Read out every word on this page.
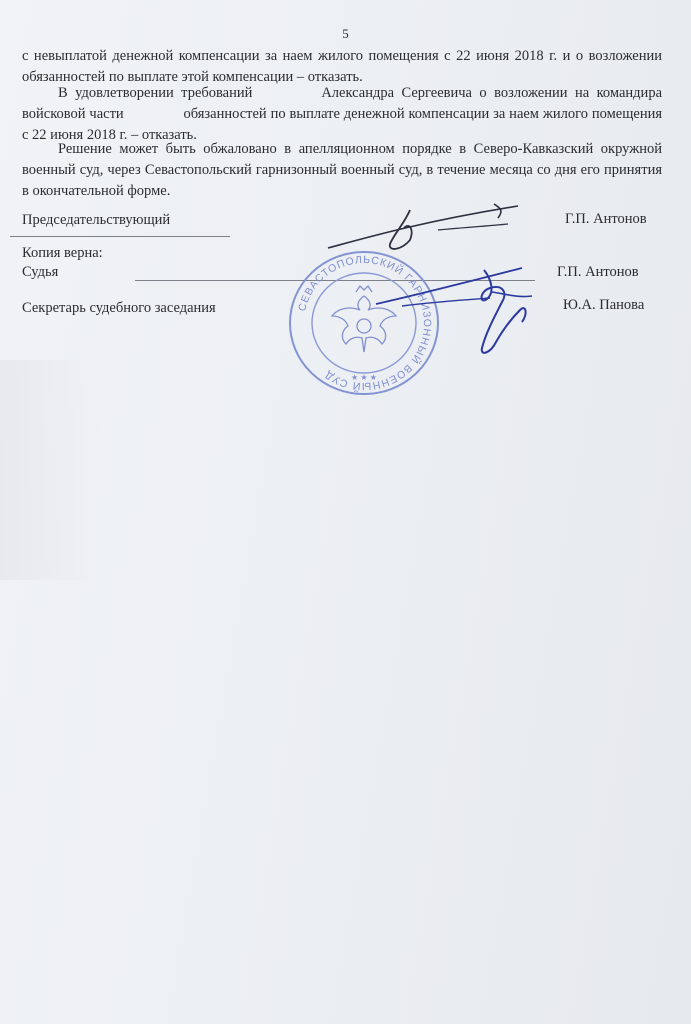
5
с невыплатой денежной компенсации за наем жилого помещения с 22 июня 2018 г. и о возложении обязанностей по выплате этой компенсации – отказать.
В удовлетворении требований	Александра Сергеевича о возложении на командира войсковой части	обязанностей по выплате денежной компенсации за наем жилого помещения с 22 июня 2018 г. – отказать.
Решение может быть обжаловано в апелляционном порядке в Северо-Кавказский окружной военный суд, через Севастопольский гарнизонный военный суд, в течение месяца со дня его принятия в окончательной форме.
Председательствующий	Г.П. Антонов
Копия верна:
Судья	Г.П. Антонов
Секретарь судебного заседания	Ю.А. Панова
СЕВАСТОПОЛЬСКИЙ ГАРНИЗОННЫЙ ВОЕННЫЙ СУД	★ ★ ★
